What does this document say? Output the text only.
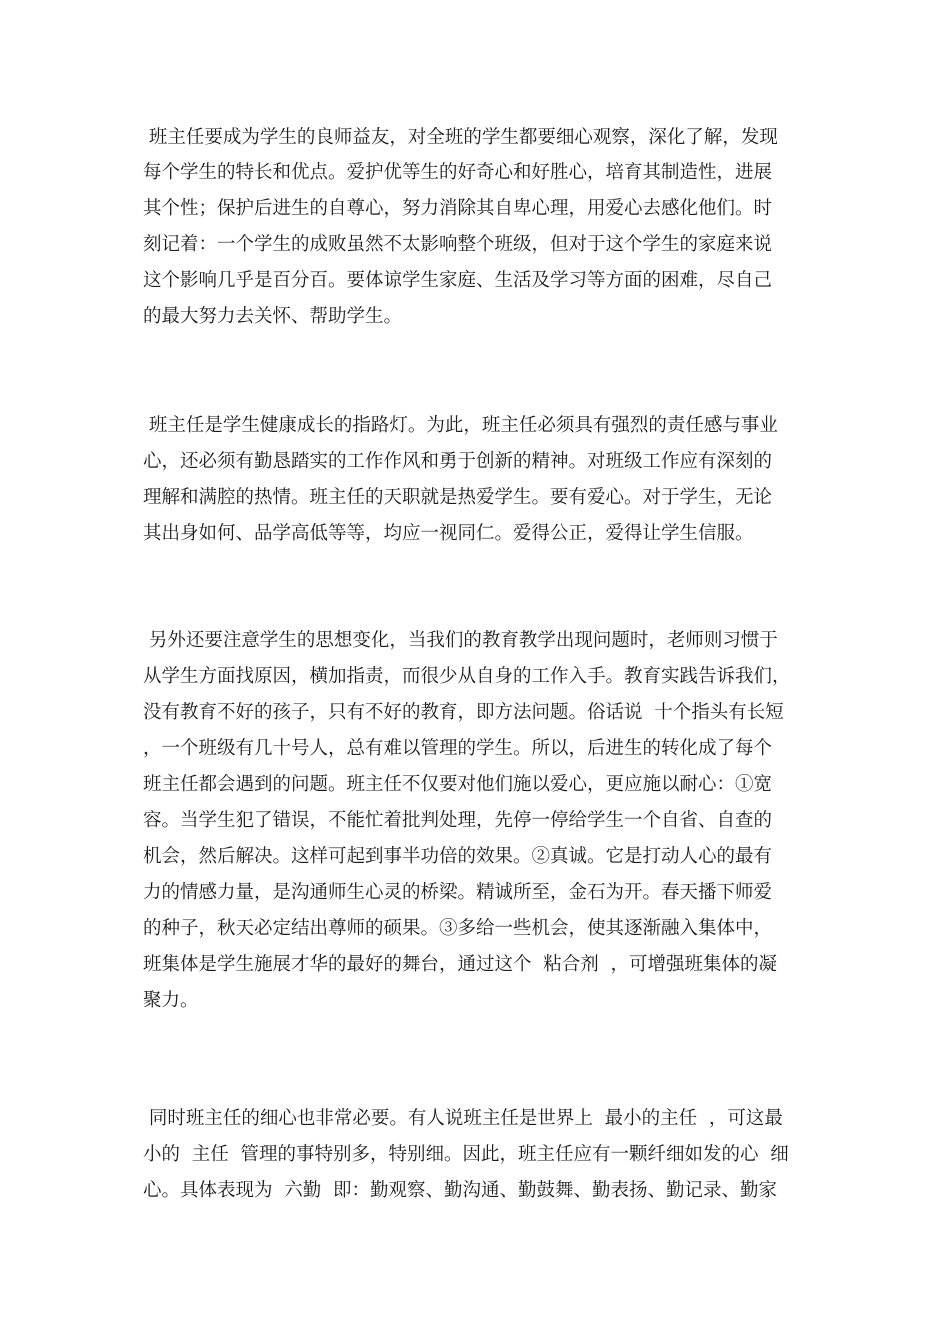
班主任要成为学生的良师益友，对全班的学生都要细心观察，深化了解，发现
每个学生的特长和优点。爱护优等生的好奇心和好胜心，培育其制造性，进展
其个性；保护后进生的自尊心，努力消除其自卑心理，用爱心去感化他们。时
刻记着：一个学生的成败虽然不太影响整个班级，但对于这个学生的家庭来说
这个影响几乎是百分百。要体谅学生家庭、生活及学习等方面的困难，尽自己
的最大努力去关怀、帮助学生。
班主任是学生健康成长的指路灯。为此，班主任必须具有强烈的责任感与事业
心，还必须有勤恳踏实的工作作风和勇于创新的精神。对班级工作应有深刻的
理解和满腔的热情。班主任的天职就是热爱学生。要有爱心。对于学生，无论
其出身如何、品学高低等等，均应一视同仁。爱得公正，爱得让学生信服。
另外还要注意学生的思想变化，当我们的教育教学出现问题时，老师则习惯于
从学生方面找原因，横加指责，而很少从自身的工作入手。教育实践告诉我们，
没有教育不好的孩子，只有不好的教育，即方法问题。俗话说  十个指头有长短
，一个班级有几十号人，总有难以管理的学生。所以，后进生的转化成了每个
班主任都会遇到的问题。班主任不仅要对他们施以爱心，更应施以耐心：①宽
容。当学生犯了错误，不能忙着批判处理，先停一停给学生一个自省、自查的
机会，然后解决。这样可起到事半功倍的效果。②真诚。它是打动人心的最有
力的情感力量，是沟通师生心灵的桥梁。精诚所至，金石为开。春天播下师爱
的种子，秋天必定结出尊师的硕果。③多给一些机会，使其逐渐融入集体中，
班集体是学生施展才华的最好的舞台，通过这个  粘合剂  ，可增强班集体的凝
聚力。
同时班主任的细心也非常必要。有人说班主任是世界上  最小的主任  ，可这最
小的  主任  管理的事特别多，特别细。因此，班主任应有一颗纤细如发的心  细
心。具体表现为  六勤  即：勤观察、勤沟通、勤鼓舞、勤表扬、勤记录、勤家
